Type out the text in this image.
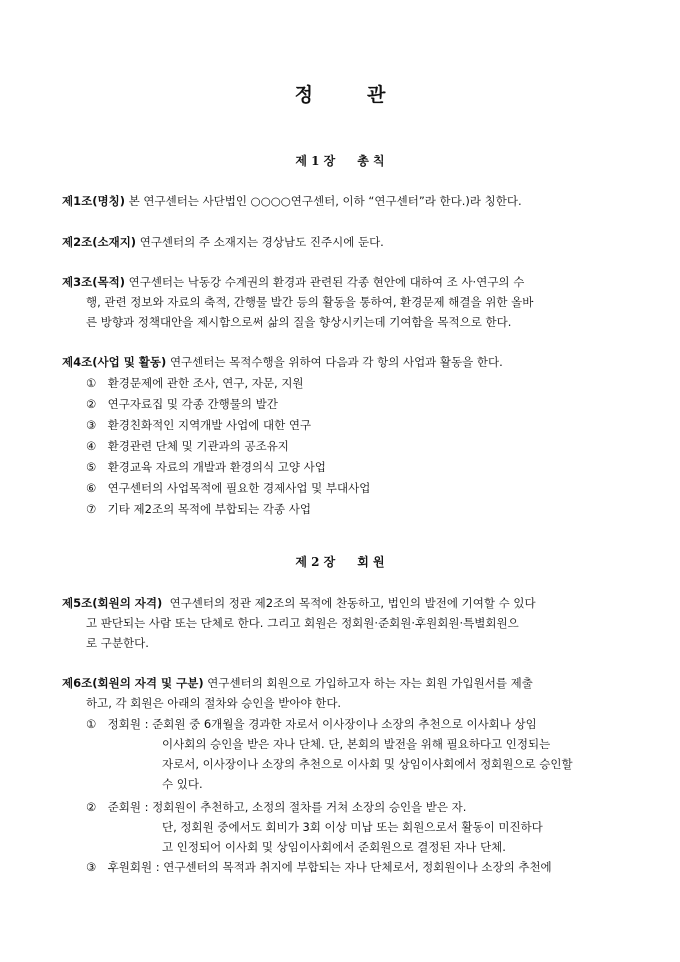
정	관
제 1 장 총 칙
제1조(명칭) 본 연구센터는 사단법인 ○○○○연구센터, 이하 “연구센터”라 한다.)라 칭한다.
제2조(소재지) 연구센터의 주 소재지는 경상남도 진주시에 둔다.
제3조(목적) 연구센터는 낙동강 수계권의 환경과 관련된 각종 현안에 대하여 조 사·연구의 수
행, 관련 정보와 자료의 축적, 간행물 발간 등의 활동을 통하여, 환경문제 해결을 위한 올바
른 방향과 정책대안을 제시함으로써 삶의 질을 향상시키는데 기여함을 목적으로 한다.
제4조(사업 및 활동) 연구센터는 목적수행을 위하여 다음과 각 항의 사업과 활동을 한다.
① 환경문제에 관한 조사, 연구, 자문, 지원
② 연구자료집 및 각종 간행물의 발간
③ 환경친화적인 지역개발 사업에 대한 연구
④ 환경관련 단체 및 기관과의 공조유지
⑤ 환경교육 자료의 개발과 환경의식 고양 사업
⑥ 연구센터의 사업목적에 필요한 경제사업 및 부대사업
⑦ 기타 제2조의 목적에 부합되는 각종 사업
제 2 장 회 원
제5조(회원의 자격) 연구센터의 정관 제2조의 목적에 찬동하고, 법인의 발전에 기여할 수 있다
고 판단되는 사람 또는 단체로 한다. 그리고 회원은 정회원·준회원·후원회원·특별회원으
로 구분한다.
제6조(회원의 자격 및 구분) 연구센터의 회원으로 가입하고자 하는 자는 회원 가입원서를 제출
하고, 각 회원은 아래의 절차와 승인을 받아야 한다.
① 정회원 : 준회원 중 6개월을 경과한 자로서 이사장이나 소장의 추천으로 이사회나 상임
이사회의 승인을 받은 자나 단체. 단, 본회의 발전을 위해 필요하다고 인정되는
자로서, 이사장이나 소장의 추천으로 이사회 및 상임이사회에서 정회원으로 승인할
수 있다.
② 준회원 : 정회원이 추천하고, 소정의 절차를 거쳐 소장의 승인을 받은 자.
단, 정회원 중에서도 회비가 3회 이상 미납 또는 회원으로서 활동이 미진하다
고 인정되어 이사회 및 상임이사회에서 준회원으로 결정된 자나 단체.
③ 후원회원 : 연구센터의 목적과 취지에 부합되는 자나 단체로서, 정회원이나 소장의 추천에
